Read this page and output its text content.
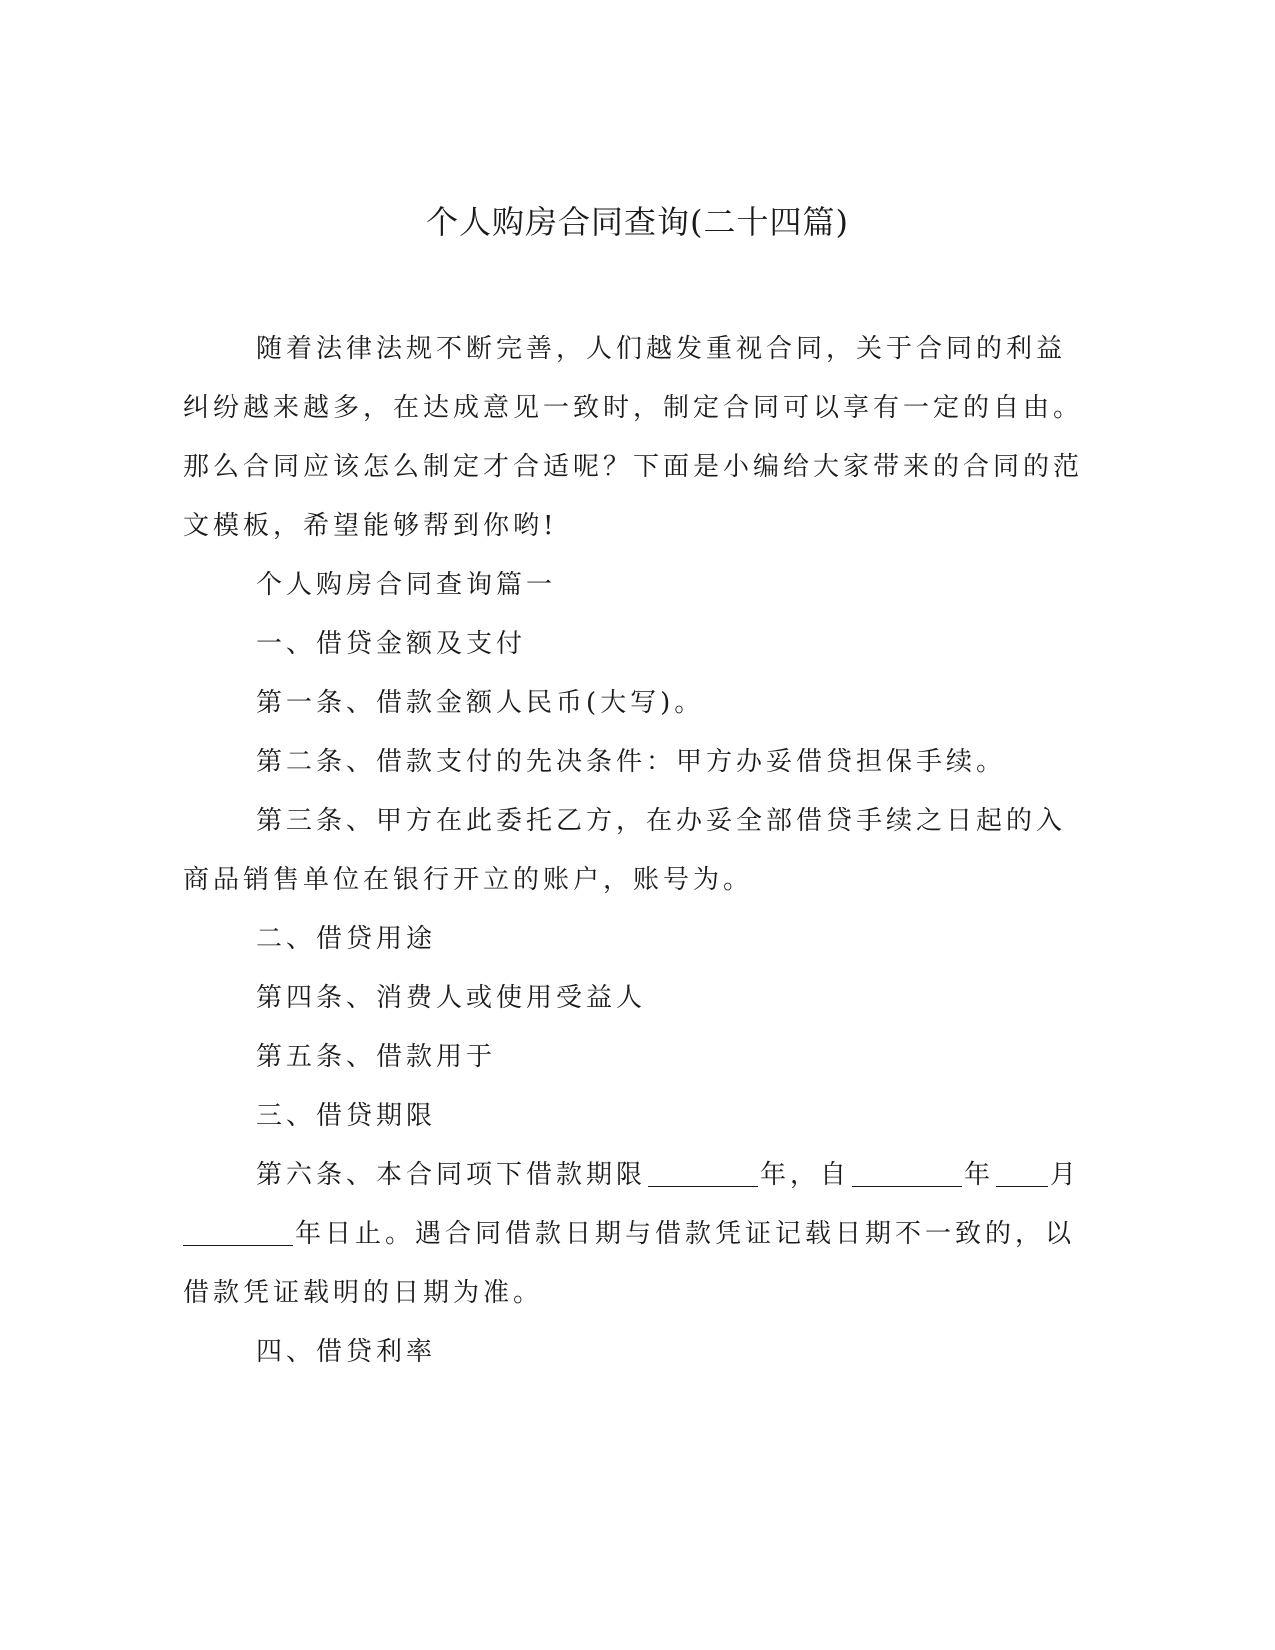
个人购房合同查询(二十四篇)

随着法律法规不断完善，人们越发重视合同，关于合同的利益纠纷越来越多，在达成意见一致时，制定合同可以享有一定的自由。那么合同应该怎么制定才合适呢？下面是小编给大家带来的合同的范文模板，希望能够帮到你哟!

个人购房合同查询篇一

一、借贷金额及支付

第一条、借款金额人民币(大写)。

第二条、借款支付的先决条件：甲方办妥借贷担保手续。

第三条、甲方在此委托乙方，在办妥全部借贷手续之日起的入商品销售单位在银行开立的账户，账号为。

二、借贷用途

第四条、消费人或使用受益人

第五条、借款用于

三、借贷期限

第六条、本合同项下借款期限	年，自	年 月年日止。遇合同借款日期与借款凭证记载日期不一致的，以借款凭证载明的日期为准。

四、借贷利率
